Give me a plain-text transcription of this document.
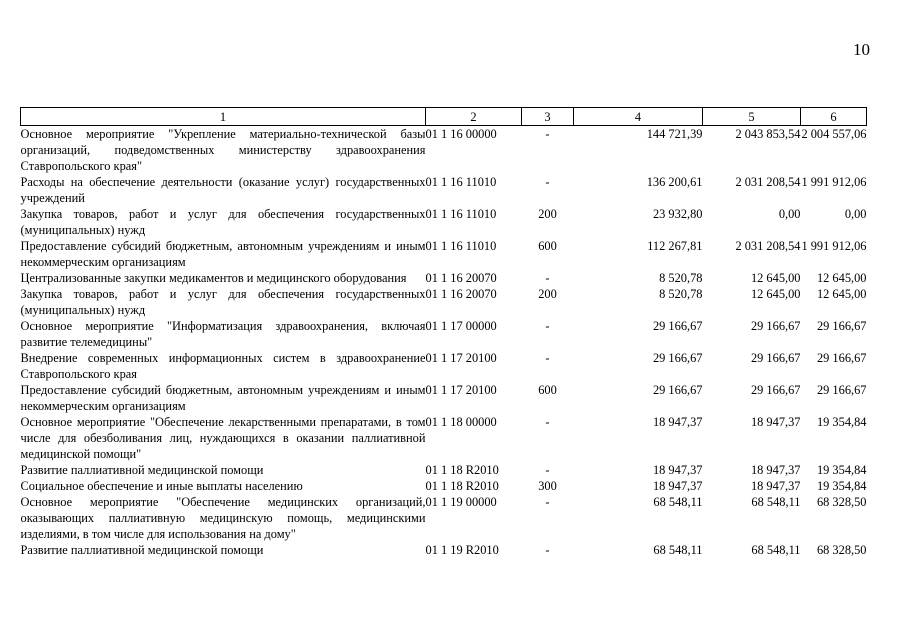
10
1	2	3	4	5	6
Основное мероприятие "Укрепление материально-технической базы организаций, подведомственных министерству здравоохранения Ставропольского края"	01 1 16 00000	-	144 721,39	2 043 853,54	2 004 557,06
Расходы на обеспечение деятельности (оказание услуг) государственных учреждений	01 1 16 11010	-	136 200,61	2 031 208,54	1 991 912,06
Закупка товаров, работ и услуг для обеспечения государственных (муниципальных) нужд	01 1 16 11010	200	23 932,80	0,00	0,00
Предоставление субсидий бюджетным, автономным учреждениям и иным некоммерческим организациям	01 1 16 11010	600	112 267,81	2 031 208,54	1 991 912,06
Централизованные закупки медикаментов и медицинского оборудования	01 1 16 20070	-	8 520,78	12 645,00	12 645,00
Закупка товаров, работ и услуг для обеспечения государственных (муниципальных) нужд	01 1 16 20070	200	8 520,78	12 645,00	12 645,00
Основное мероприятие "Информатизация здравоохранения, включая развитие телемедицины"	01 1 17 00000	-	29 166,67	29 166,67	29 166,67
Внедрение современных информационных систем в здравоохранение Ставропольского края	01 1 17 20100	-	29 166,67	29 166,67	29 166,67
Предоставление субсидий бюджетным, автономным учреждениям и иным некоммерческим организациям	01 1 17 20100	600	29 166,67	29 166,67	29 166,67
Основное мероприятие "Обеспечение лекарственными препаратами, в том числе для обезболивания лиц, нуждающихся в оказании паллиативной медицинской помощи"	01 1 18 00000	-	18 947,37	18 947,37	19 354,84
Развитие паллиативной медицинской помощи	01 1 18 R2010	-	18 947,37	18 947,37	19 354,84
Социальное обеспечение и иные выплаты населению	01 1 18 R2010	300	18 947,37	18 947,37	19 354,84
Основное мероприятие "Обеспечение медицинских организаций, оказывающих паллиативную медицинскую помощь, медицинскими изделиями, в том числе для использования на дому"	01 1 19 00000	-	68 548,11	68 548,11	68 328,50
Развитие паллиативной медицинской помощи	01 1 19 R2010	-	68 548,11	68 548,11	68 328,50
